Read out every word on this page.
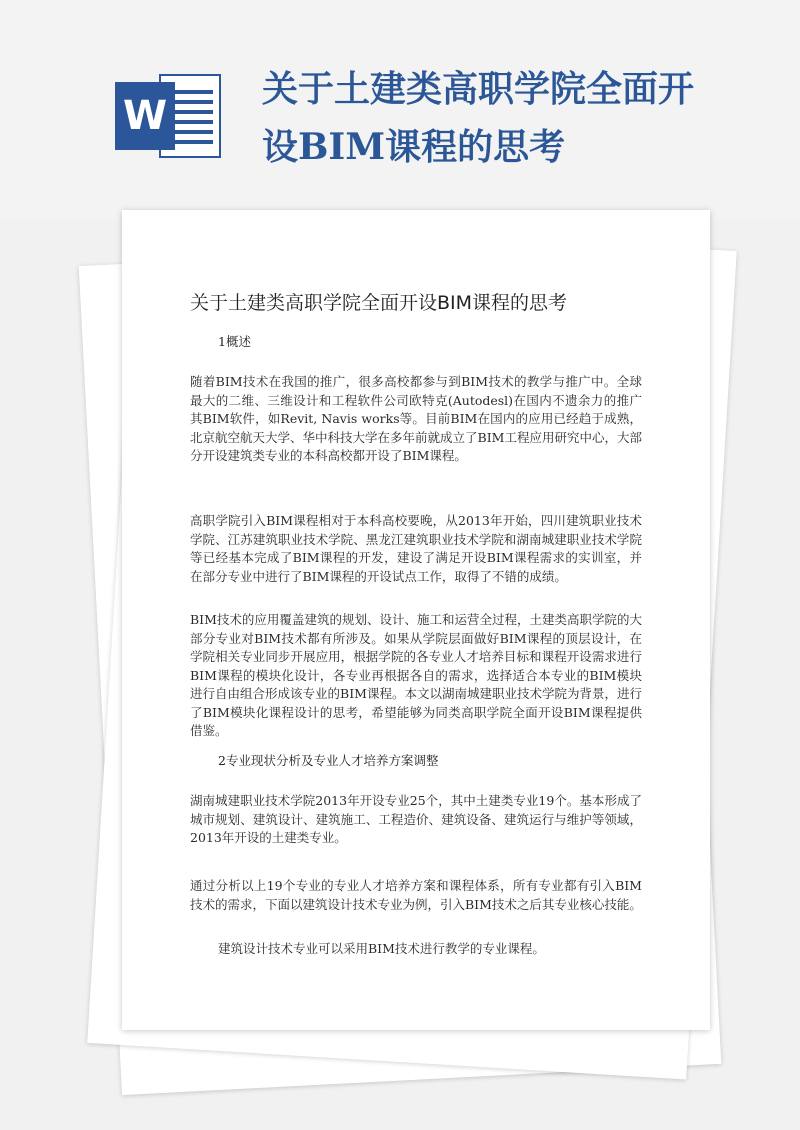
W
关于土建类高职学院全面开设BIM课程的思考
关于土建类高职学院全面开设BIM课程的思考
1概述
随着BIM技术在我国的推广，很多高校都参与到BIM技术的教学与推广中。全球最大的二维、三维设计和工程软件公司欧特克(Autodesl)在国内不遗余力的推广其BIM软件，如Revit, Navis works等。目前BIM在国内的应用已经趋于成熟，北京航空航天大学、华中科技大学在多年前就成立了BIM工程应用研究中心，大部分开设建筑类专业的本科高校都开设了BIM课程。
高职学院引入BIM课程相对于本科高校要晚，从2013年开始，四川建筑职业技术学院、江苏建筑职业技术学院、黑龙江建筑职业技术学院和湖南城建职业技术学院等已经基本完成了BIM课程的开发，建设了满足开设BIM课程需求的实训室，并在部分专业中进行了BIM课程的开设试点工作，取得了不错的成绩。
BIM技术的应用覆盖建筑的规划、设计、施工和运营全过程，土建类高职学院的大部分专业对BIM技术都有所涉及。如果从学院层面做好BIM课程的顶层设计，在学院相关专业同步开展应用，根据学院的各专业人才培养目标和课程开设需求进行BIM课程的模块化设计，各专业再根据各自的需求，选择适合本专业的BIM模块进行自由组合形成该专业的BIM课程。本文以湖南城建职业技术学院为背景，进行了BIM模块化课程设计的思考，希望能够为同类高职学院全面开设BIM课程提供借鉴。
2专业现状分析及专业人才培养方案调整
湖南城建职业技术学院2013年开设专业25个，其中土建类专业19个。基本形成了城市规划、建筑设计、建筑施工、工程造价、建筑设备、建筑运行与维护等领域，2013年开设的土建类专业。
通过分析以上19个专业的专业人才培养方案和课程体系，所有专业都有引入BIM技术的需求，下面以建筑设计技术专业为例，引入BIM技术之后其专业核心技能。
建筑设计技术专业可以采用BIM技术进行教学的专业课程。
